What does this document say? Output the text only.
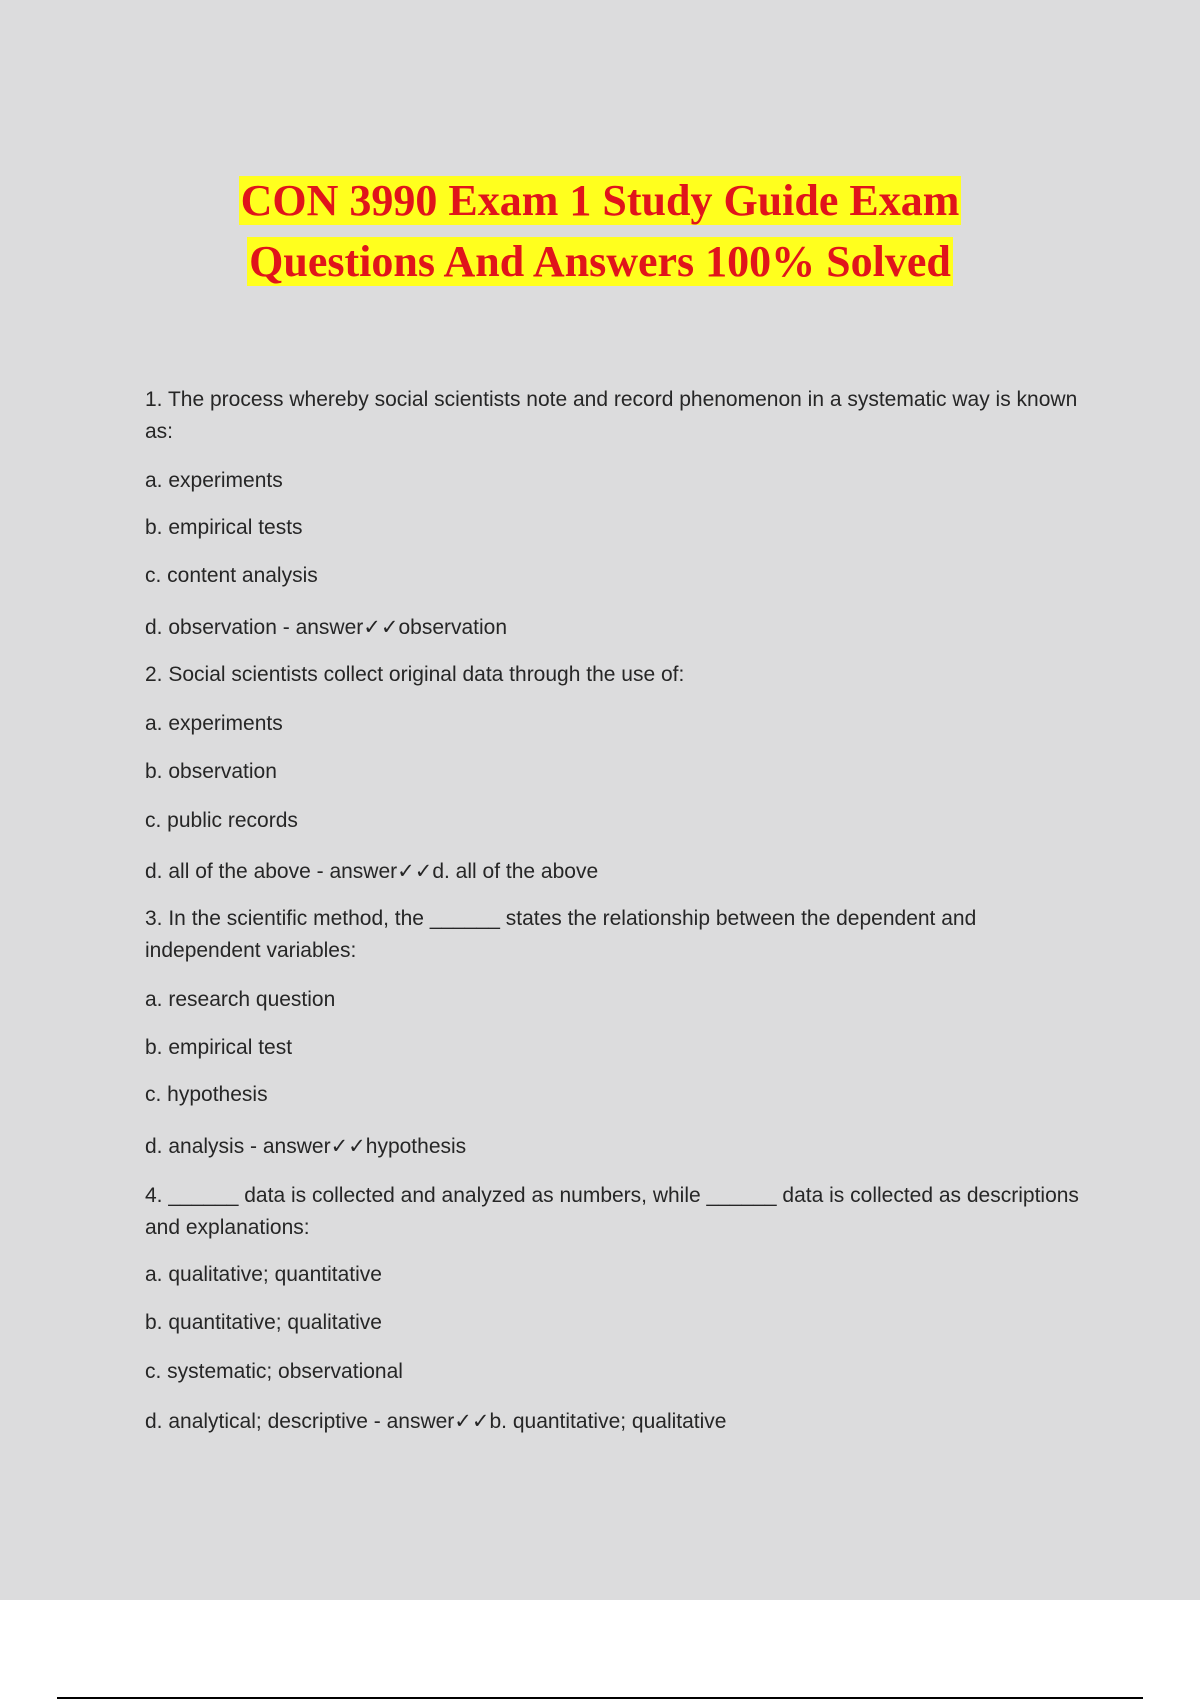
CON 3990 Exam 1 Study Guide Exam
Questions And Answers 100% Solved
1. The process whereby social scientists note and record phenomenon in a systematic way is known as:
a. experiments
b. empirical tests
c. content analysis
d. observation - answer✓✓observation
2. Social scientists collect original data through the use of:
a. experiments
b. observation
c. public records
d. all of the above - answer✓✓d. all of the above
3. In the scientific method, the ______ states the relationship between the dependent and independent variables:
a. research question
b. empirical test
c. hypothesis
d. analysis - answer✓✓hypothesis
4. ______ data is collected and analyzed as numbers, while ______ data is collected as descriptions and explanations:
a. qualitative; quantitative
b. quantitative; qualitative
c. systematic; observational
d. analytical; descriptive - answer✓✓b. quantitative; qualitative
